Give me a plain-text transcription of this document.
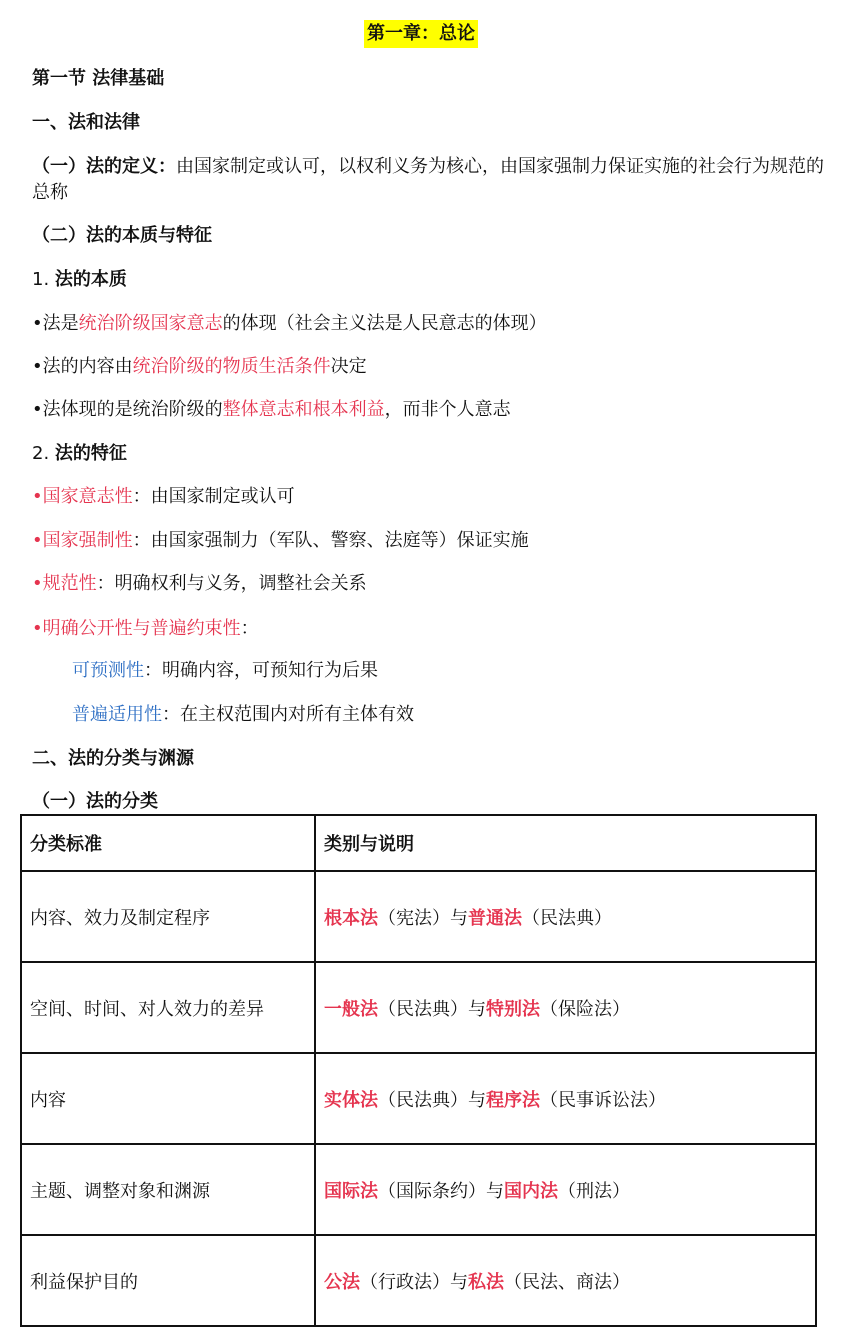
第一章：总论
第一节 法律基础
一、法和法律
（一）法的定义：由国家制定或认可，以权利义务为核心，由国家强制力保证实施的社会行为规范的总称
（二）法的本质与特征
1. 法的本质
•法是统治阶级国家意志的体现（社会主义法是人民意志的体现）
•法的内容由统治阶级的物质生活条件决定
•法体现的是统治阶级的整体意志和根本利益，而非个人意志
2. 法的特征
•国家意志性：由国家制定或认可
•国家强制性：由国家强制力（军队、警察、法庭等）保证实施
•规范性：明确权利与义务，调整社会关系
•明确公开性与普遍约束性：
可预测性：明确内容，可预知行为后果
普遍适用性：在主权范围内对所有主体有效
二、法的分类与渊源
（一）法的分类
分类标准	类别与说明
内容、效力及制定程序	根本法（宪法）与普通法（民法典）
空间、时间、对人效力的差异	一般法（民法典）与特别法（保险法）
内容	实体法（民法典）与程序法（民事诉讼法）
主题、调整对象和渊源	国际法（国际条约）与国内法（刑法）
利益保护目的	公法（行政法）与私法（民法、商法）
